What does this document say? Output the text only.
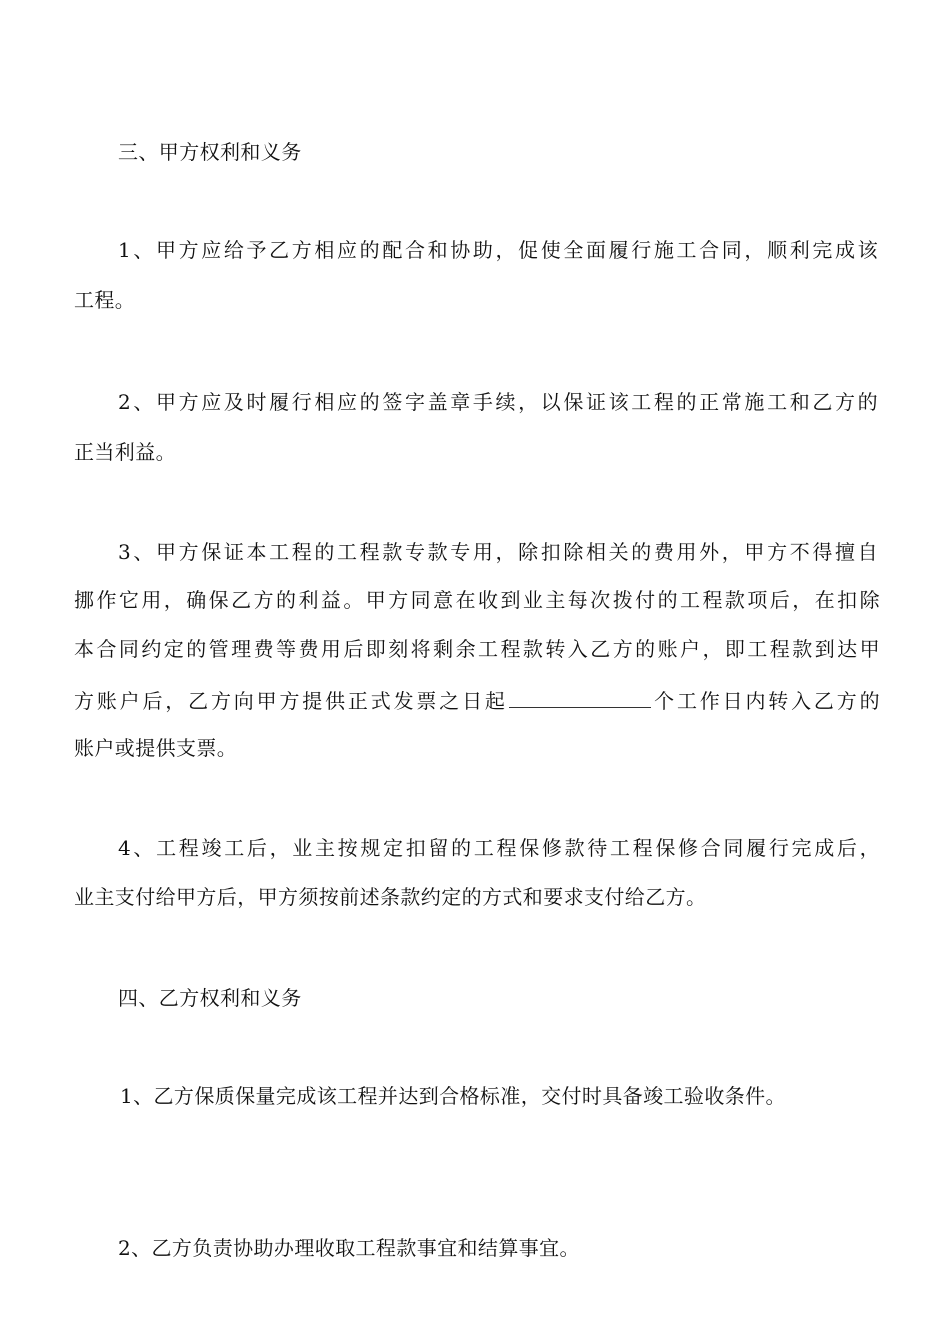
三、甲方权利和义务
1、甲方应给予乙方相应的配合和协助，促使全面履行施工合同，顺利完成该
工程。
2、甲方应及时履行相应的签字盖章手续，以保证该工程的正常施工和乙方的
正当利益。
3、甲方保证本工程的工程款专款专用，除扣除相关的费用外，甲方不得擅自
挪作它用，确保乙方的利益。甲方同意在收到业主每次拨付的工程款项后，在扣除
本合同约定的管理费等费用后即刻将剩余工程款转入乙方的账户，即工程款到达甲
方账户后，乙方向甲方提供正式发票之日起	个工作日内转入乙方的
账户或提供支票。
4、工程竣工后，业主按规定扣留的工程保修款待工程保修合同履行完成后，
业主支付给甲方后，甲方须按前述条款约定的方式和要求支付给乙方。
四、乙方权利和义务
1、乙方保质保量完成该工程并达到合格标准，交付时具备竣工验收条件。
2、乙方负责协助办理收取工程款事宜和结算事宜。
